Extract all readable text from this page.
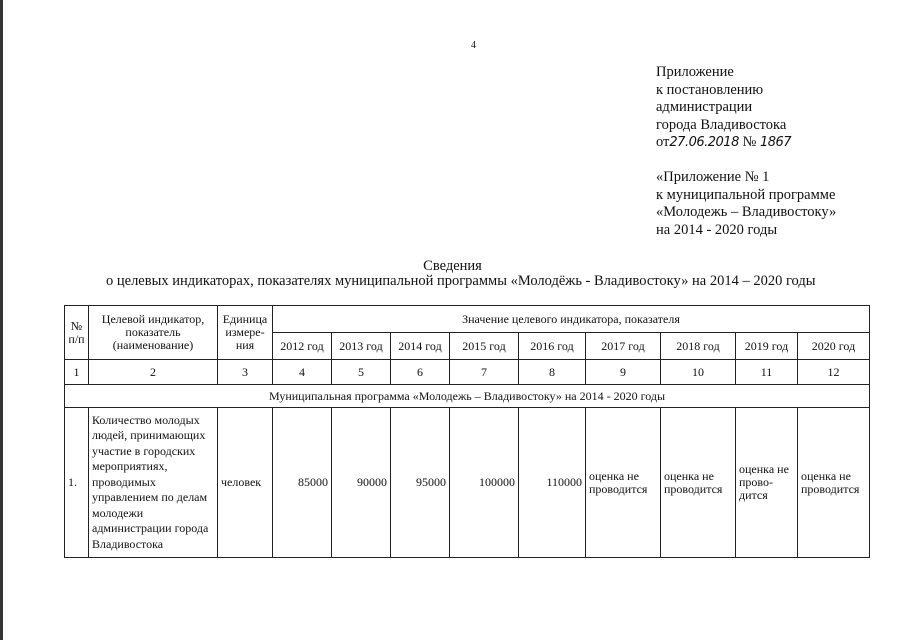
4
Приложение
к постановлению
администрации
города Владивостока
от27.06.2018 № 1867
«Приложение № 1
к муниципальной программе
«Молодежь – Владивостоку»
на 2014 - 2020 годы
Сведения
о целевых индикаторах, показателях муниципальной программы «Молодёжь - Владивостоку» на 2014 – 2020 годы
№ п/п	Целевой индикатор, показатель (наименование)	Единица измере-ния	Значение целевого индикатора, показателя								
			2012 год	2013 год	2014 год	2015 год	2016 год	2017 год	2018 год	2019 год	2020 год
1	2	3	4	5	6	7	8	9	10	11	12
Муниципальная программа «Молодежь – Владивостоку» на 2014 - 2020 годы											
1.	Количество молодых людей, принимающих участие в городских мероприятиях, проводимых управлением по делам молодежи администрации города Владивостока	человек	85000	90000	95000	100000	110000	оценка не проводится	оценка не проводится	оценка не прово-дится	оценка не проводится
